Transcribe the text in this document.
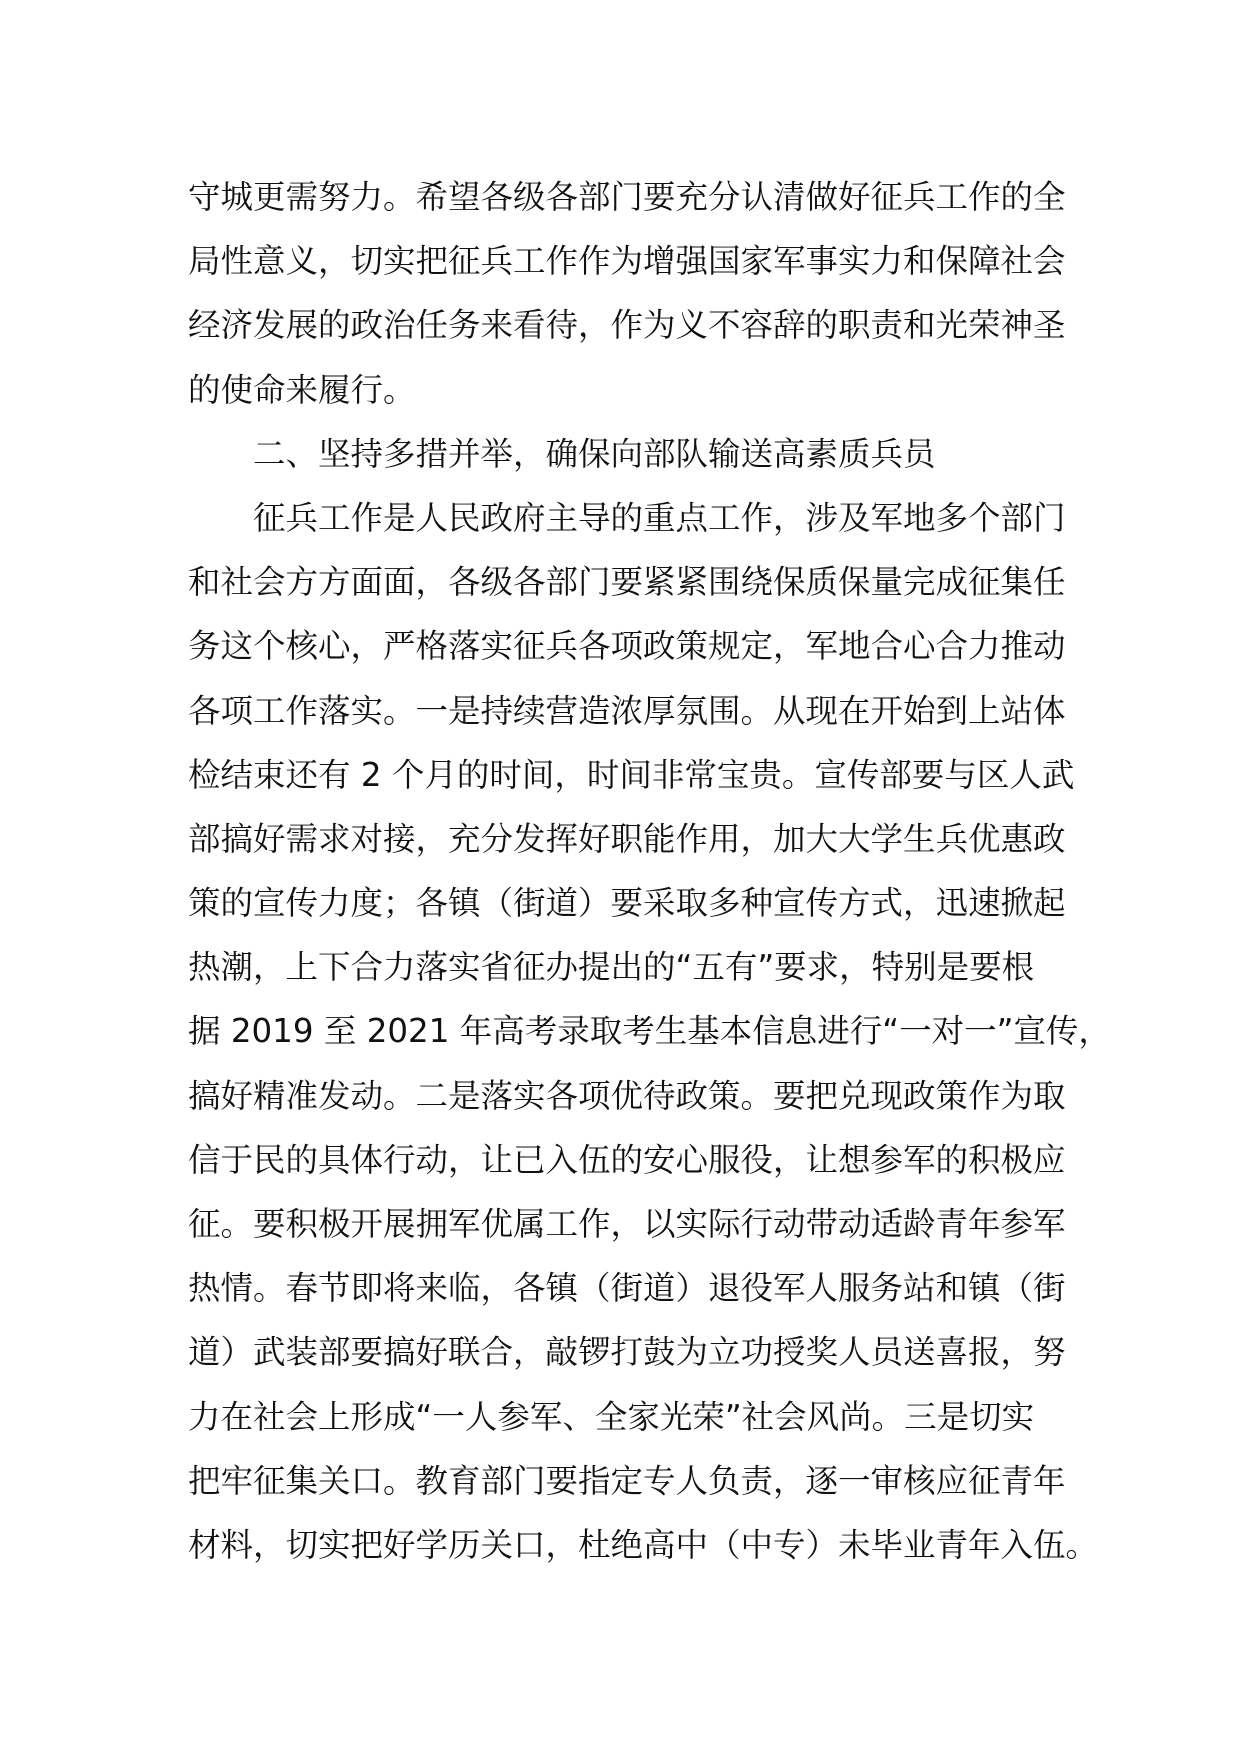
守城更需努力。希望各级各部门要充分认清做好征兵工作的全
局性意义，切实把征兵工作作为增强国家军事实力和保障社会
经济发展的政治任务来看待，作为义不容辞的职责和光荣神圣
的使命来履行。
二、坚持多措并举，确保向部队输送高素质兵员
征兵工作是人民政府主导的重点工作，涉及军地多个部门
和社会方方面面，各级各部门要紧紧围绕保质保量完成征集任
务这个核心，严格落实征兵各项政策规定，军地合心合力推动
各项工作落实。一是持续营造浓厚氛围。从现在开始到上站体
检结束还有 2 个月的时间，时间非常宝贵。宣传部要与区人武
部搞好需求对接，充分发挥好职能作用，加大大学生兵优惠政
策的宣传力度；各镇（街道）要采取多种宣传方式，迅速掀起
热潮，上下合力落实省征办提出的“五有”要求，特别是要根
据 2019 至 2021 年高考录取考生基本信息进行“一对一”宣传，
搞好精准发动。二是落实各项优待政策。要把兑现政策作为取
信于民的具体行动，让已入伍的安心服役，让想参军的积极应
征。要积极开展拥军优属工作，以实际行动带动适龄青年参军
热情。春节即将来临，各镇（街道）退役军人服务站和镇（街
道）武装部要搞好联合，敲锣打鼓为立功授奖人员送喜报，努
力在社会上形成“一人参军、全家光荣”社会风尚。三是切实
把牢征集关口。教育部门要指定专人负责，逐一审核应征青年
材料，切实把好学历关口，杜绝高中（中专）未毕业青年入伍。
